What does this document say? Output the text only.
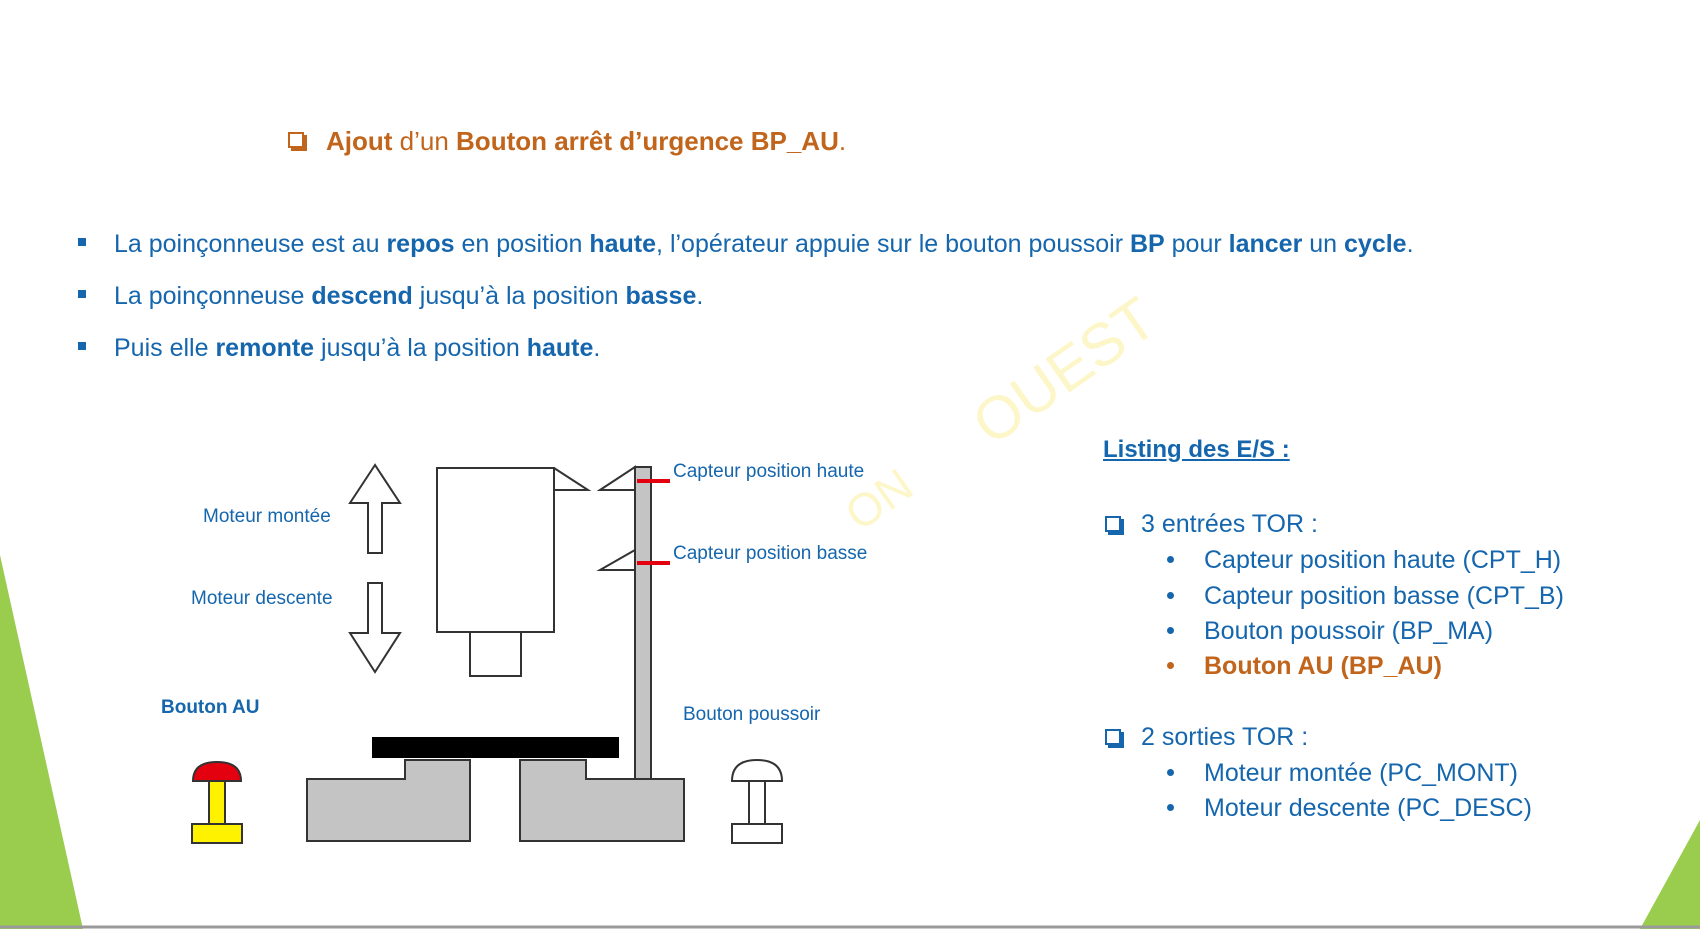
OUEST
ON
Ajout d’un Bouton arrêt d’urgence BP_AU.
La poinçonneuse est au repos en position haute, l’opérateur appuie sur le bouton poussoir BP pour lancer un cycle.
La poinçonneuse descend jusqu’à la position basse.
Puis elle remonte jusqu’à la position haute.
Moteur montée
Moteur descente
Capteur position haute
Capteur position basse
Bouton AU	Bouton poussoir
Listing des E/S :
3 entrées TOR :
Capteur position haute (CPT_H)
Capteur position basse (CPT_B)
Bouton poussoir (BP_MA)
Bouton AU (BP_AU)
2 sorties TOR :
Moteur montée (PC_MONT)
Moteur descente (PC_DESC)
